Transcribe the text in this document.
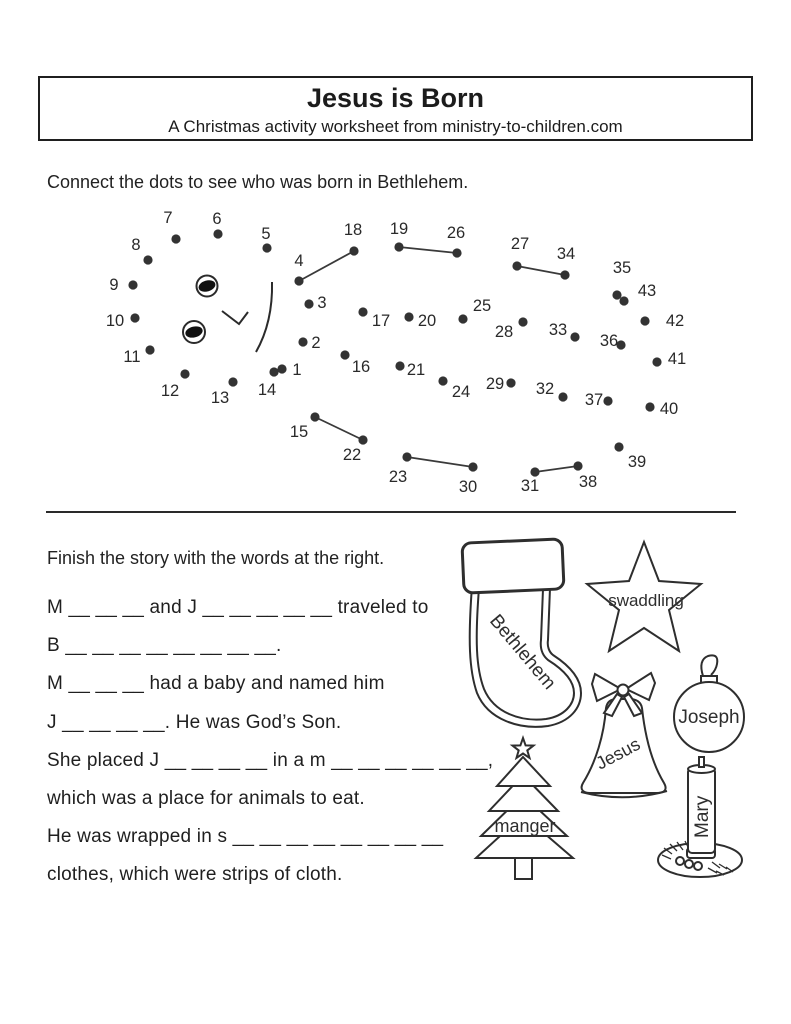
Jesus is Born
A Christmas activity worksheet from ministry-to-children.com
Connect the dots to see who was born in Bethlehem.
1
2
3
4
5
6
7
8
9
10
11
12 13 14
15
16
17
18 19
20
21
22
23
24
25
26
27
28
29
30	31
32
33
34
35
36
37
38
39
40
41
42
43
Finish the story with the words at the right.
M __ __ __ and J __ __ __ __ __ traveled to
B __ __ __ __ __ __ __ __.
M __ __ __ had a baby and named him
J __ __ __ __. He was God’s Son.
She placed J __ __ __ __ in a m __ __ __ __ __ __,
which was a place for animals to eat.
He was wrapped in s __ __ __ __ __ __ __ __
clothes, which were strips of cloth.
Bethlehem
swaddling
Jesus
Joseph
manger	Mary
